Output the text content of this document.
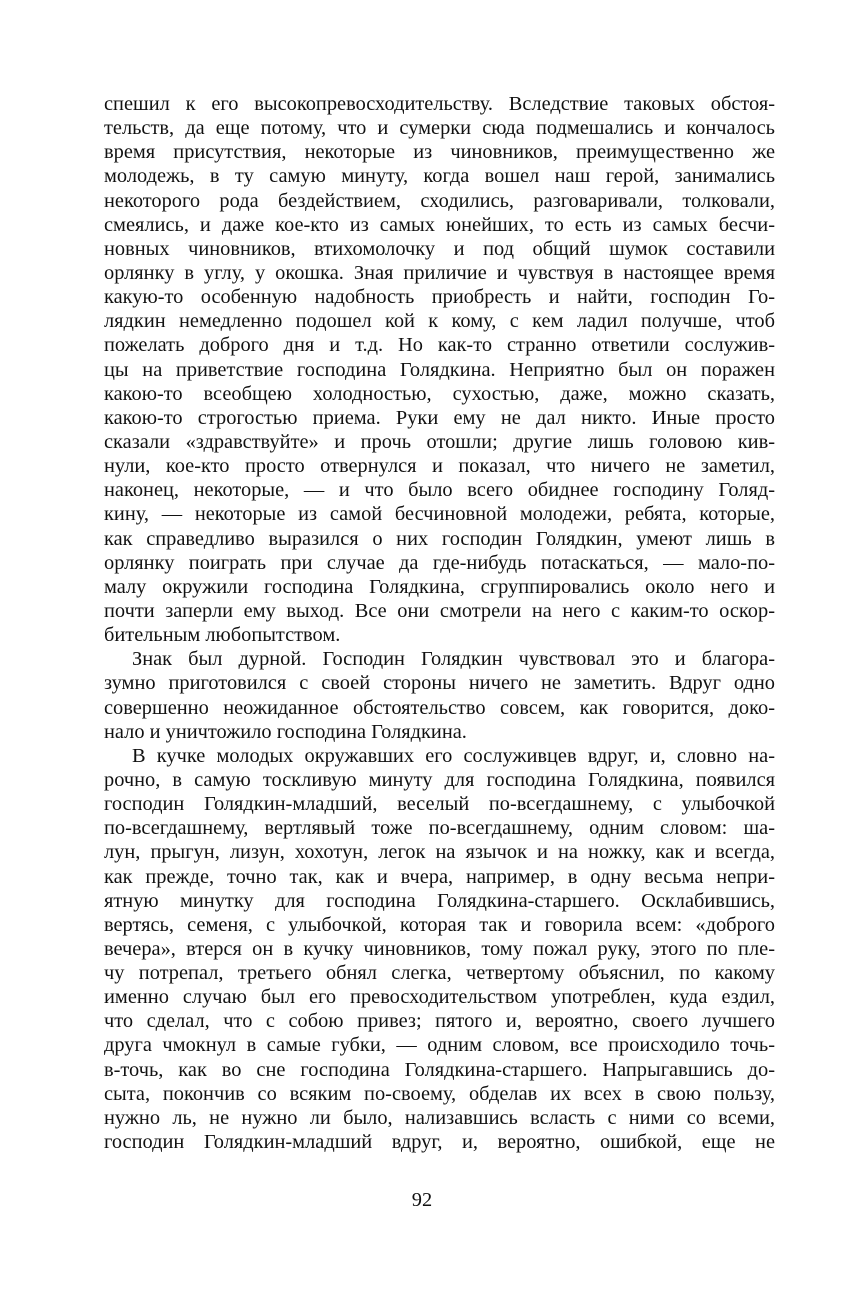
спешил к его высокопревосходительству. Вследствие таковых обстоя-
тельств, да еще потому, что и сумерки сюда подмешались и кончалось
время присутствия, некоторые из чиновников, преимущественно же
молодежь, в ту самую минуту, когда вошел наш герой, занимались
некоторого рода бездействием, сходились, разговаривали, толковали,
смеялись, и даже кое-кто из самых юнейших, то есть из самых бесчи-
новных чиновников, втихомолочку и под общий шумок составили
орлянку в углу, у окошка. Зная приличие и чувствуя в настоящее время
какую-то особенную надобность приобресть и найти, господин Го-
лядкин немедленно подошел кой к кому, с кем ладил получше, чтоб
пожелать доброго дня и т.д. Но как-то странно ответили сослужив-
цы на приветствие господина Голядкина. Неприятно был он поражен
какою-то всеобщею холодностью, сухостью, даже, можно сказать,
какою-то строгостью приема. Руки ему не дал никто. Иные просто
сказали «здравствуйте» и прочь отошли; другие лишь головою кив-
нули, кое-кто просто отвернулся и показал, что ничего не заметил,
наконец, некоторые, — и что было всего обиднее господину Голяд-
кину, — некоторые из самой бесчиновной молодежи, ребята, которые,
как справедливо выразился о них господин Голядкин, умеют лишь в
орлянку поиграть при случае да где-нибудь потаскаться, — мало-по-
малу окружили господина Голядкина, сгруппировались около него и
почти заперли ему выход. Все они смотрели на него с каким-то оскор-
бительным любопытством.
Знак был дурной. Господин Голядкин чувствовал это и благора-
зумно приготовился с своей стороны ничего не заметить. Вдруг одно
совершенно неожиданное обстоятельство совсем, как говорится, доко-
нало и уничтожило господина Голядкина.
В кучке молодых окружавших его сослуживцев вдруг, и, словно на-
рочно, в самую тоскливую минуту для господина Голядкина, появился
господин Голядкин-младший, веселый по-всегдашнему, с улыбочкой
по-всегдашнему, вертлявый тоже по-всегдашнему, одним словом: ша-
лун, прыгун, лизун, хохотун, легок на язычок и на ножку, как и всегда,
как прежде, точно так, как и вчера, например, в одну весьма непри-
ятную минутку для господина Голядкина-старшего. Осклабившись,
вертясь, семеня, с улыбочкой, которая так и говорила всем: «доброго
вечера», втерся он в кучку чиновников, тому пожал руку, этого по пле-
чу потрепал, третьего обнял слегка, четвертому объяснил, по какому
именно случаю был его превосходительством употреблен, куда ездил,
что сделал, что с собою привез; пятого и, вероятно, своего лучшего
друга чмокнул в самые губки, — одним словом, все происходило точь-
в-точь, как во сне господина Голядкина-старшего. Напрыгавшись до-
сыта, покончив со всяким по-своему, обделав их всех в свою пользу,
нужно ль, не нужно ли было, нализавшись всласть с ними со всеми,
господин Голядкин-младший вдруг, и, вероятно, ошибкой, еще не
92
